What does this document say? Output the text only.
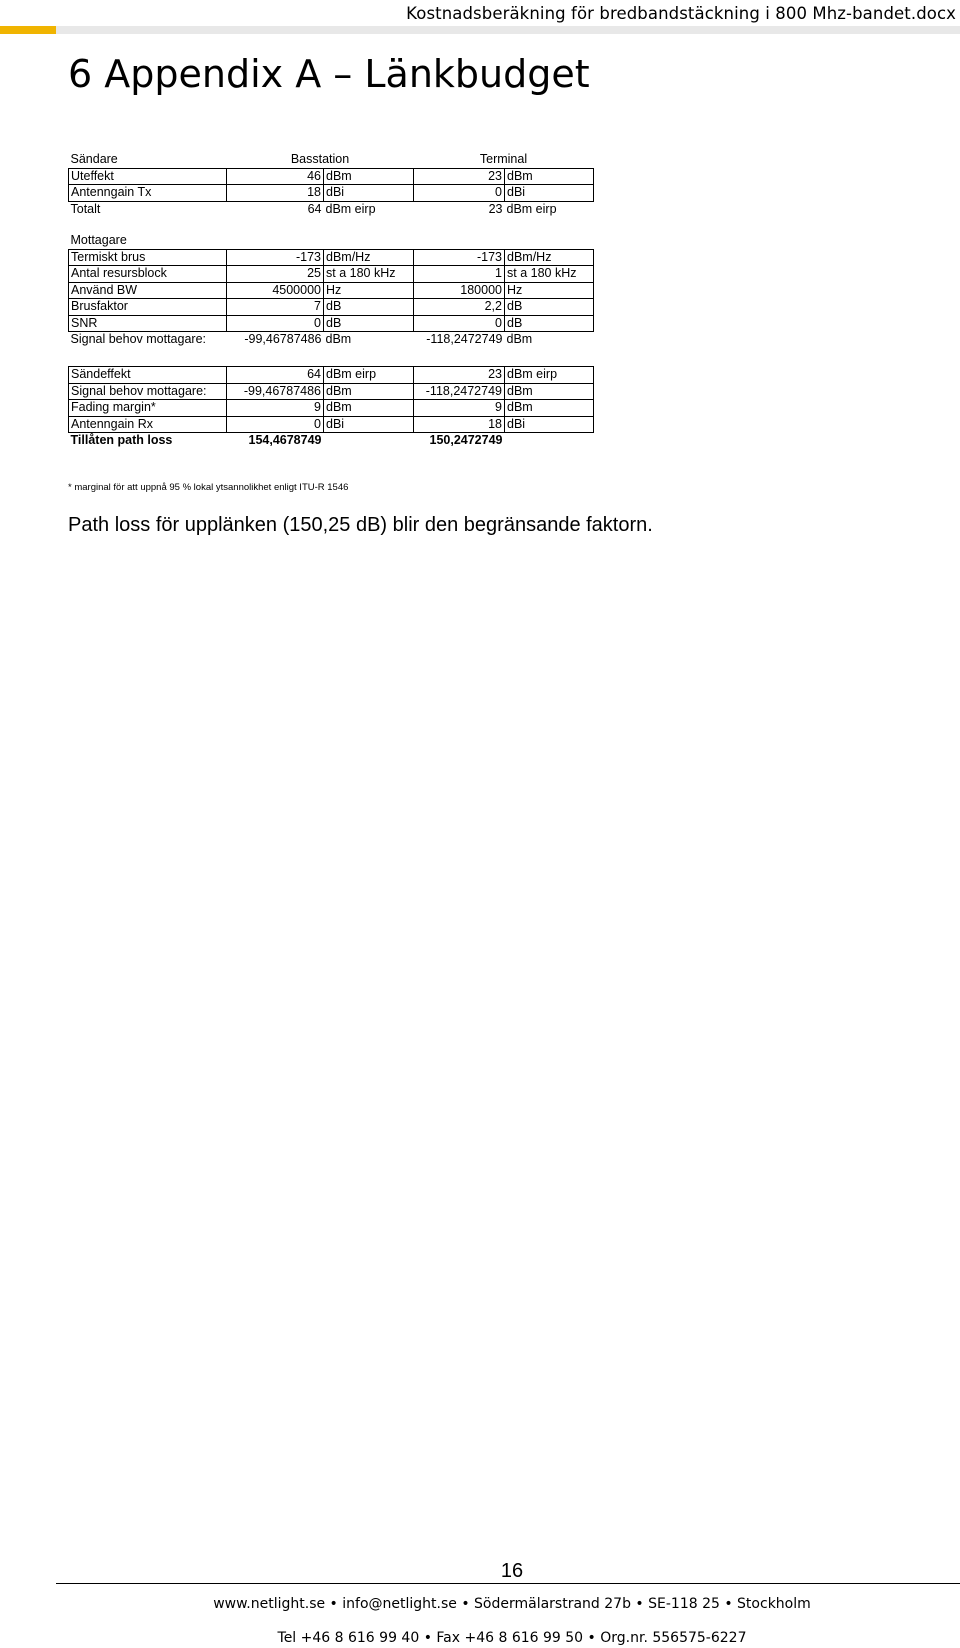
Kostnadsberäkning för bredbandstäckning i 800 Mhz-bandet.docx
6 Appendix A – Länkbudget
Sändare	Basstation		Terminal	
Uteffekt	46	dBm	23	dBm
Antenngain Tx	18	dBi	0	dBi
Totalt	64	dBm eirp	23	dBm eirp
Mottagare				
Termiskt brus	-173	dBm/Hz	-173	dBm/Hz
Antal resursblock	25	st a 180 kHz	1	st a 180 kHz
Använd BW	4500000	Hz	180000	Hz
Brusfaktor	7	dB	2,2	dB
SNR	0	dB	0	dB
Signal behov mottagare:	-99,46787486	dBm	-118,2472749	dBm
Sändeffekt	64	dBm eirp	23	dBm eirp
Signal behov mottagare:	-99,46787486	dBm	-118,2472749	dBm
Fading margin*	9	dBm	9	dBm
Antenngain Rx	0	dBi	18	dBi
Tillåten path loss	154,4678749		150,2472749	
* marginal för att uppnå 95 % lokal ytsannolikhet enligt ITU-R 1546
Path loss för upplänken (150,25 dB) blir den begränsande faktorn.
16
www.netlight.se • info@netlight.se • Södermälarstrand 27b • SE-118 25 • Stockholm
Tel +46 8 616 99 40 • Fax +46 8 616 99 50 • Org.nr. 556575-6227
